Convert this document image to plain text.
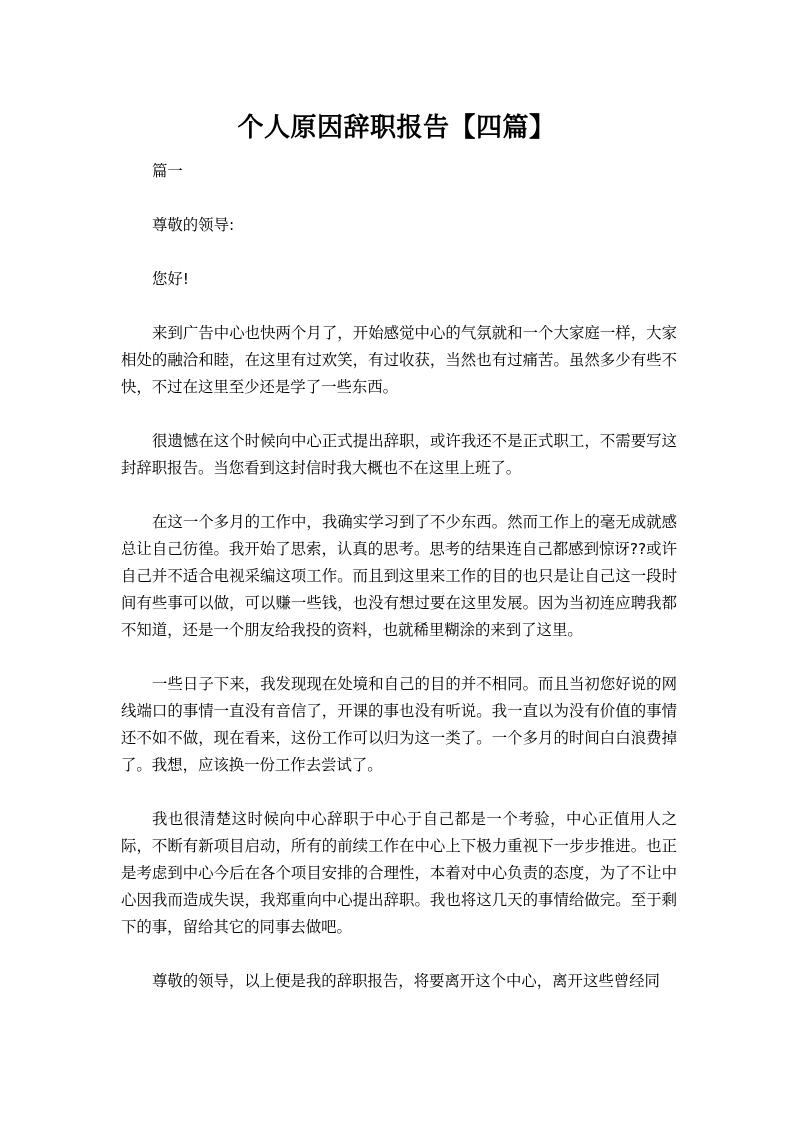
个人原因辞职报告【四篇】

篇一

尊敬的领导:

您好!

来到广告中心也快两个月了，开始感觉中心的气氛就和一个大家庭一样，大家相处的融洽和睦，在这里有过欢笑，有过收获，当然也有过痛苦。虽然多少有些不快，不过在这里至少还是学了一些东西。

很遗憾在这个时候向中心正式提出辞职，或许我还不是正式职工，不需要写这封辞职报告。当您看到这封信时我大概也不在这里上班了。

在这一个多月的工作中，我确实学习到了不少东西。然而工作上的毫无成就感总让自己彷徨。我开始了思索，认真的思考。思考的结果连自己都感到惊讶??或许自己并不适合电视采编这项工作。而且到这里来工作的目的也只是让自己这一段时间有些事可以做，可以赚一些钱，也没有想过要在这里发展。因为当初连应聘我都不知道，还是一个朋友给我投的资料，也就稀里糊涂的来到了这里。

一些日子下来，我发现现在处境和自己的目的并不相同。而且当初您好说的网线端口的事情一直没有音信了，开课的事也没有听说。我一直以为没有价值的事情还不如不做，现在看来，这份工作可以归为这一类了。一个多月的时间白白浪费掉了。我想，应该换一份工作去尝试了。

我也很清楚这时候向中心辞职于中心于自己都是一个考验，中心正值用人之际，不断有新项目启动，所有的前续工作在中心上下极力重视下一步步推进。也正是考虑到中心今后在各个项目安排的合理性，本着对中心负责的态度，为了不让中心因我而造成失误，我郑重向中心提出辞职。我也将这几天的事情给做完。至于剩下的事，留给其它的同事去做吧。

尊敬的领导，以上便是我的辞职报告，将要离开这个中心，离开这些曾经同
